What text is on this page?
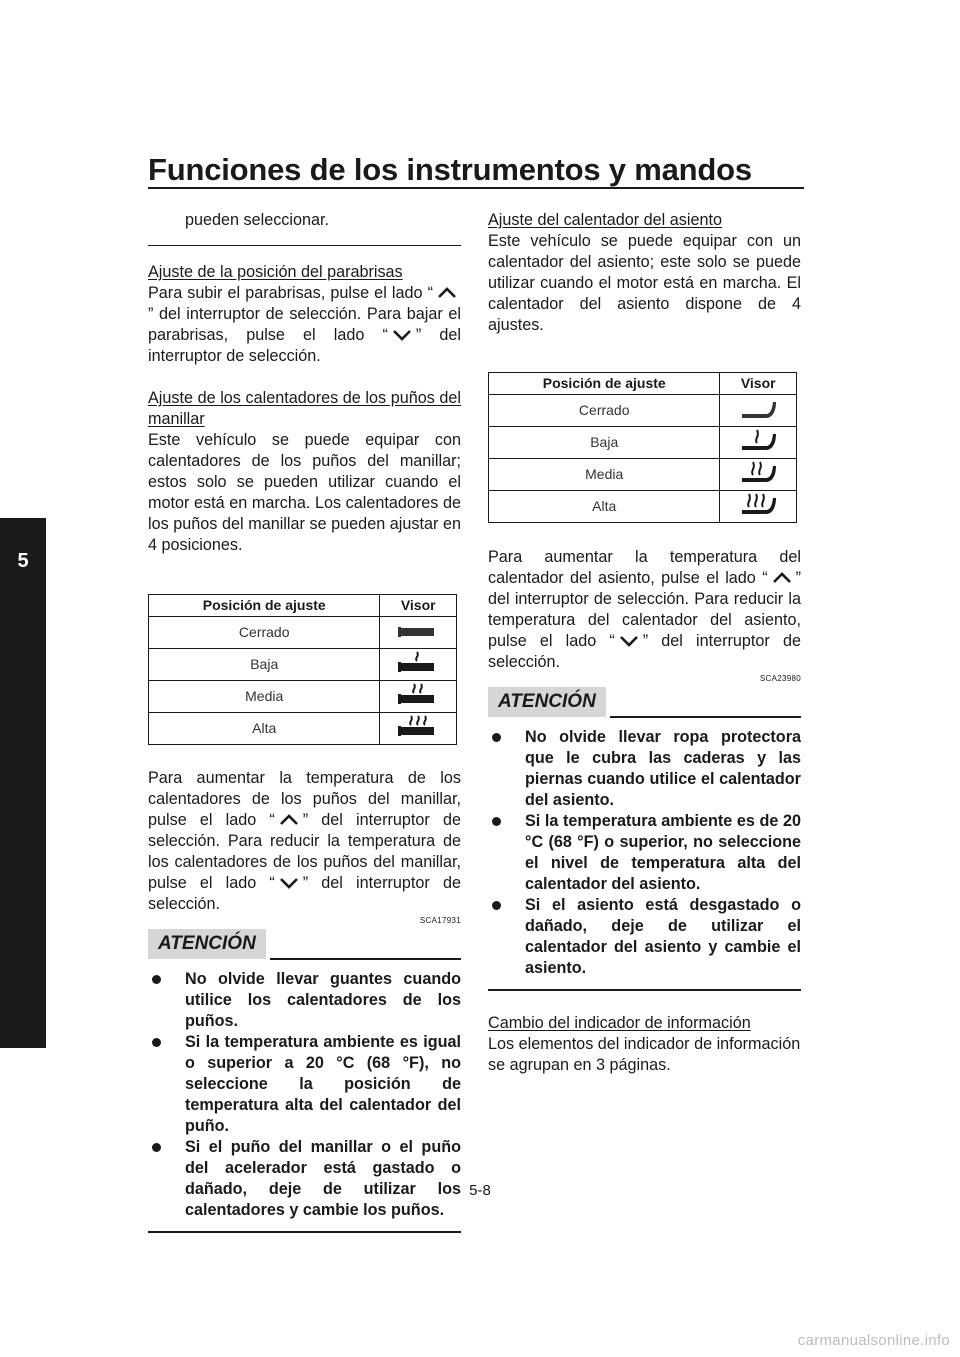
Funciones de los instrumentos y mandos
5

pueden seleccionar.

Ajuste de la posición del parabrisas

Para subir el parabrisas, pulse el lado “” del interruptor de selección. Para bajar el parabrisas, pulse el lado “ ” del interruptor de selección.

Ajuste de los calentadores de los puños del manillar

Este vehículo se puede equipar con calentadores de los puños del manillar; estos solo se pueden utilizar cuando el motor está en marcha. Los calentadores de los puños del manillar se pueden ajustar en 4 posiciones.

Posición de ajuste	Visor
Cerrado	
Baja	
Media	
Alta	

Para aumentar la temperatura de los calentadores de los puños del manillar, pulse el lado “ ” del interruptor de selección. Para reducir la temperatura de los calentadores de los puños del manillar, pulse el lado “ ” del interruptor de selección.

SCA17931
ATENCIÓN
No olvide llevar guantes cuando utilice los calentadores de los puños.
Si la temperatura ambiente es igual o superior a 20 °C (68 °F), no seleccione la posición de temperatura alta del calentador del puño.
Si el puño del manillar o el puño del acelerador está gastado o dañado, deje de utilizar los calentadores y cambie los puños.

Ajuste del calentador del asiento

Este vehículo se puede equipar con un calentador del asiento; este solo se puede utilizar cuando el motor está en marcha. El calentador del asiento dispone de 4 ajustes.

Posición de ajuste	Visor
Cerrado	
Baja	
Media	
Alta	

Para aumentar la temperatura del calentador del asiento, pulse el lado “ ” del interruptor de selección. Para reducir la temperatura del calentador del asiento, pulse el lado “ ” del interruptor de selección.

SCA23980
ATENCIÓN
No olvide llevar ropa protectora que le cubra las caderas y las piernas cuando utilice el calentador del asiento.
Si la temperatura ambiente es de 20 °C (68 °F) o superior, no seleccione el nivel de temperatura alta del calentador del asiento.
Si el asiento está desgastado o dañado, deje de utilizar el calentador del asiento y cambie el asiento.

Cambio del indicador de información

Los elementos del indicador de información se agrupan en 3 páginas.

5-8
carmanualsonline.info
